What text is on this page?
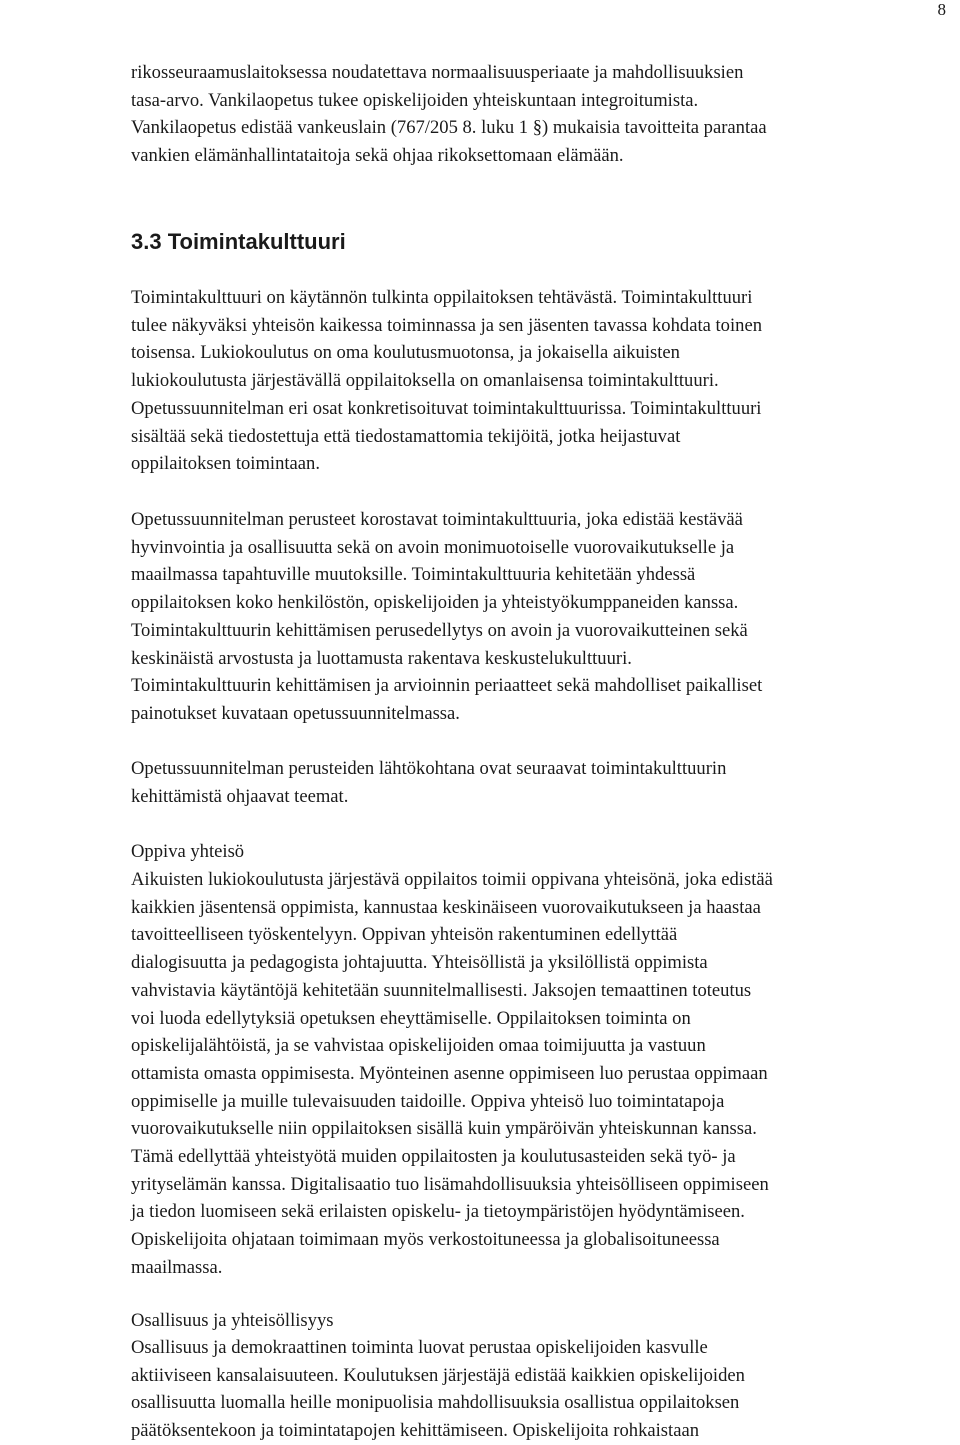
8

rikosseuraamuslaitoksessa noudatettava normaalisuusperiaate ja mahdollisuuksien
tasa-arvo. Vankilaopetus tukee opiskelijoiden yhteiskuntaan integroitumista.
Vankilaopetus edistää vankeuslain (767/205 8. luku 1 §) mukaisia tavoitteita parantaa
vankien elämänhallintataitoja sekä ohjaa rikoksettomaan elämään.

3.3 Toimintakulttuuri

Toimintakulttuuri on käytännön tulkinta oppilaitoksen tehtävästä. Toimintakulttuuri
tulee näkyväksi yhteisön kaikessa toiminnassa ja sen jäsenten tavassa kohdata toinen
toisensa. Lukiokoulutus on oma koulutusmuotonsa, ja jokaisella aikuisten
lukiokoulutusta järjestävällä oppilaitoksella on omanlaisensa toimintakulttuuri.
Opetussuunnitelman eri osat konkretisoituvat toimintakulttuurissa. Toimintakulttuuri
sisältää sekä tiedostettuja että tiedostamattomia tekijöitä, jotka heijastuvat
oppilaitoksen toimintaan.

Opetussuunnitelman perusteet korostavat toimintakulttuuria, joka edistää kestävää
hyvinvointia ja osallisuutta sekä on avoin monimuotoiselle vuorovaikutukselle ja
maailmassa tapahtuville muutoksille. Toimintakulttuuria kehitetään yhdessä
oppilaitoksen koko henkilöstön, opiskelijoiden ja yhteistyökumppaneiden kanssa.
Toimintakulttuurin kehittämisen perusedellytys on avoin ja vuorovaikutteinen sekä
keskinäistä arvostusta ja luottamusta rakentava keskustelukulttuuri.
Toimintakulttuurin kehittämisen ja arvioinnin periaatteet sekä mahdolliset paikalliset
painotukset kuvataan opetussuunnitelmassa.

Opetussuunnitelman perusteiden lähtökohtana ovat seuraavat toimintakulttuurin
kehittämistä ohjaavat teemat.

Oppiva yhteisö

Aikuisten lukiokoulutusta järjestävä oppilaitos toimii oppivana yhteisönä, joka edistää
kaikkien jäsentensä oppimista, kannustaa keskinäiseen vuorovaikutukseen ja haastaa
tavoitteelliseen työskentelyyn. Oppivan yhteisön rakentuminen edellyttää
dialogisuutta ja pedagogista johtajuutta. Yhteisöllistä ja yksilöllistä oppimista
vahvistavia käytäntöjä kehitetään suunnitelmallisesti. Jaksojen temaattinen toteutus
voi luoda edellytyksiä opetuksen eheyttämiselle. Oppilaitoksen toiminta on
opiskelijalähtöistä, ja se vahvistaa opiskelijoiden omaa toimijuutta ja vastuun
ottamista omasta oppimisesta. Myönteinen asenne oppimiseen luo perustaa oppimaan
oppimiselle ja muille tulevaisuuden taidoille. Oppiva yhteisö luo toimintatapoja
vuorovaikutukselle niin oppilaitoksen sisällä kuin ympäröivän yhteiskunnan kanssa.
Tämä edellyttää yhteistyötä muiden oppilaitosten ja koulutusasteiden sekä työ- ja
yrityselämän kanssa. Digitalisaatio tuo lisämahdollisuuksia yhteisölliseen oppimiseen
ja tiedon luomiseen sekä erilaisten opiskelu- ja tietoympäristöjen hyödyntämiseen.
Opiskelijoita ohjataan toimimaan myös verkostoituneessa ja globalisoituneessa
maailmassa.

Osallisuus ja yhteisöllisyys

Osallisuus ja demokraattinen toiminta luovat perustaa opiskelijoiden kasvulle
aktiiviseen kansalaisuuteen. Koulutuksen järjestäjä edistää kaikkien opiskelijoiden
osallisuutta luomalla heille monipuolisia mahdollisuuksia osallistua oppilaitoksen
päätöksentekoon ja toimintatapojen kehittämiseen. Opiskelijoita rohkaistaan
